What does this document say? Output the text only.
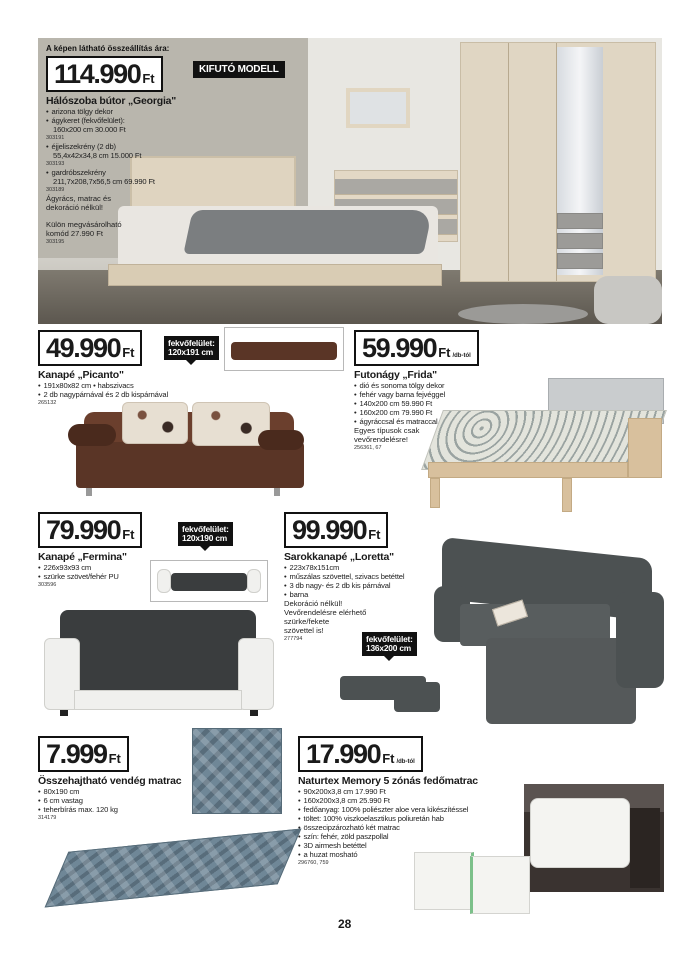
A képen látható összeállítás ára:
114.990 Ft
Hálószoba bútor „Georgia"
• arizona tölgy dekor
• ágykeret (fekvőfelület):
160x200 cm 30.000 Ft
303191
• éjjeliszekrény (2 db)
55,4x42x34,8 cm 15.000 Ft
303193
• gardróbszekrény
211,7x208,7x56,5 cm 69.990 Ft
303189
Ágyrács, matrac és
dekoráció nélkül!
Külön megvásárolható
komód 27.990 Ft
303195
KIFUTÓ MODELL
49.990 Ft
Kanapé „Picanto"
• 191x80x82 cm • habszivacs
• 2 db nagypárnával és 2 db kispárnával
265132
fekvőfelület:
120x191 cm	59.990 Ft /db-tól
Futonágy „Frida"
• dió és sonoma tölgy dekor
• fehér vagy barna fejvéggel
• 140x200 cm 59.990 Ft
• 160x200 cm 79.990 Ft
• ágyráccsal és matraccal
Egyes típusok csak
vevőrendelésre!
256361, 67
79.990 Ft
Kanapé „Fermina"
• 226x93x93 cm
• szürke szövet/fehér PU
303596
fekvőfelület:
120x190 cm 99.990 Ft
Sarokkanapé „Loretta"
• 223x78x151cm
• műszálas szövettel, szivacs betéttel
• 3 db nagy- és 2 db kis párnával
• barna
Dekoráció nélkül!
Vevőrendelésre elérhető
szürke/fekete
szövettel is!
277794	fekvőfelület:
136x200 cm
7.999 Ft
Összehajtható vendég matrac
• 80x190 cm
• 6 cm vastag
• teherbírás max. 120 kg
314179
17.990 Ft /db-tól
Naturtex Memory 5 zónás fedőmatrac
• 90x200x3,8 cm 17.990 Ft
• 160x200x3,8 cm 25.990 Ft
• fedőanyag: 100% poliészter aloe vera kikészítéssel
• töltet: 100% viszkoelasztikus poliuretán hab
• összecipzározható két matrac
• szín: fehér, zöld paszpollal
• 3D airmesh betéttel
• a huzat mosható
296760, 759
28
